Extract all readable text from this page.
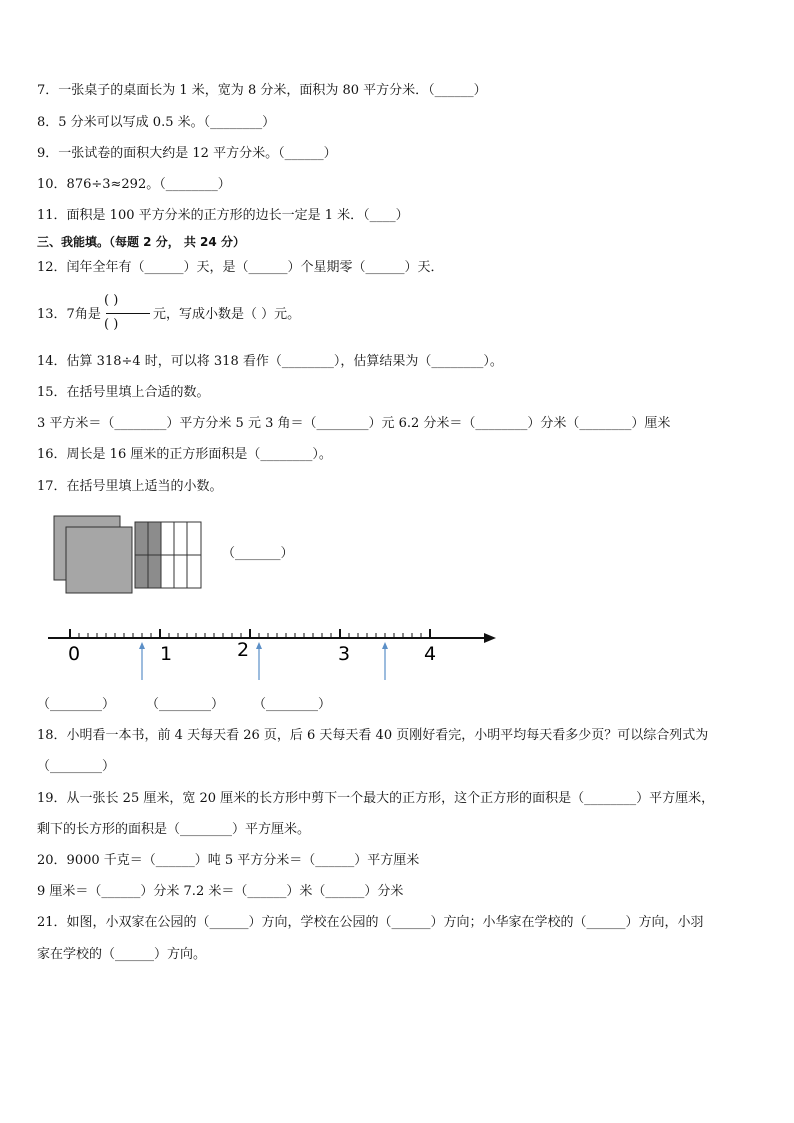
7．一张桌子的桌面长为 1 米，宽为 8 分米，面积为 80 平方分米．（______）
8．5 分米可以写成 0.5 米。（________）
9．一张试卷的面积大约是 12 平方分米。（______）
10．876÷3≈292。（________）
11．面积是 100 平方分米的正方形的边长一定是 1 米．（____）
三、我能填。（每题 2 分， 共 24 分）
12．闰年全年有（______）天，是（______）个星期零（______）天．
13．7角是
( )
( )
元，写成小数是（ ）元。
14．估算 318÷4 时，可以将 318 看作（________），估算结果为（________）。
15．在括号里填上合适的数。
3 平方米＝（________）平方分米 5 元 3 角＝（________）元 6.2 分米＝（________）分米（________）厘米
16．周长是 16 厘米的正方形面积是（________）。
17．在括号里填上适当的小数。
（_______）
0	1	2	3	4
（________） （________） （________）
18．小明看一本书，前 4 天每天看 26 页，后 6 天每天看 40 页刚好看完，小明平均每天看多少页？可以综合列式为
（________）
19．从一张长 25 厘米，宽 20 厘米的长方形中剪下一个最大的正方形，这个正方形的面积是（________）平方厘米，
剩下的长方形的面积是（________）平方厘米。
20．9000 千克＝（______）吨 5 平方分米＝（______）平方厘米
9 厘米＝（______）分米 7.2 米＝（______）米（______）分米
21．如图，小双家在公园的（______）方向，学校在公园的（______）方向；小华家在学校的（______）方向，小羽
家在学校的（______）方向。
